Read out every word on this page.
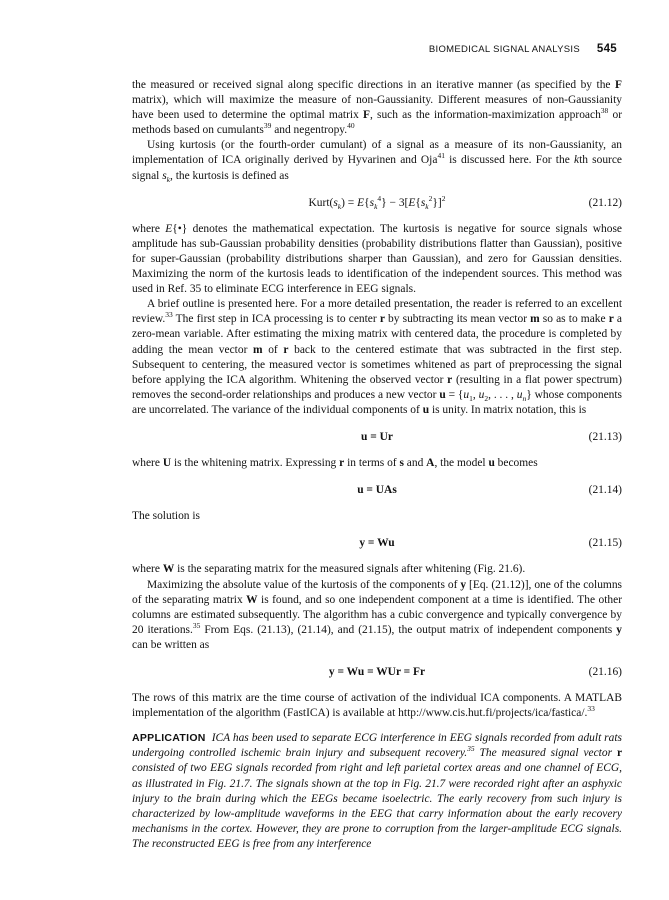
BIOMEDICAL SIGNAL ANALYSIS 545

the measured or received signal along specific directions in an iterative manner (as specified by the F matrix), which will maximize the measure of non-Gaussianity. Different measures of non-Gaussianity have been used to determine the optimal matrix F, such as the information-maximization approach$^{38}$ or methods based on cumulants$^{39}$ and negentropy.$^{40}$

Using kurtosis (or the fourth-order cumulant) of a signal as a measure of its non-Gaussianity, an implementation of ICA originally derived by Hyvarinen and Oja$^{41}$ is discussed here. For the kth source signal $s_k$, the kurtosis is defined as

$Kurt(s_k) = E\{s_k^4\} - 3[E\{s_k^2\}]^2$	(21.12)

where E{•} denotes the mathematical expectation. The kurtosis is negative for source signals whose amplitude has sub-Gaussian probability densities (probability distributions flatter than Gaussian), positive for super-Gaussian (probability distributions sharper than Gaussian), and zero for Gaussian densities. Maximizing the norm of the kurtosis leads to identification of the independent sources. This method was used in Ref. 35 to eliminate ECG interference in EEG signals.

A brief outline is presented here. For a more detailed presentation, the reader is referred to an excellent review.$^{33}$ The first step in ICA processing is to center r by subtracting its mean vector m so as to make r a zero-mean variable. After estimating the mixing matrix with centered data, the procedure is completed by adding the mean vector m of r back to the centered estimate that was subtracted in the first step. Subsequent to centering, the measured vector is sometimes whitened as part of preprocessing the signal before applying the ICA algorithm. Whitening the observed vector r (resulting in a flat power spectrum) removes the second-order relationships and produces a new vector $u = \{u_1$, $u_2$, . . . , $u_n$} whose components are uncorrelated. The variance of the individual components of u is unity. In matrix notation, this is

u = Ur	(21.13)

where U is the whitening matrix. Expressing r in terms of s and A, the model u becomes

u = UAs	(21.14)

The solution is

y = Wu	(21.15)

where W is the separating matrix for the measured signals after whitening (Fig. 21.6).

Maximizing the absolute value of the kurtosis of the components of y [Eq. (21.12)], one of the columns of the separating matrix W is found, and so one independent component at a time is identified. The other columns are estimated subsequently. The algorithm has a cubic convergence and typically convergence by 20 iterations.$^{35}$ From Eqs. (21.13), (21.14), and (21.15), the output matrix of independent components y can be written as

y = Wu = WUr = Fr	(21.16)

The rows of this matrix are the time course of activation of the individual ICA components. A MATLAB implementation of the algorithm (FastICA) is available at http://www.cis.hut.fi/projects/ica/fastica/.$^{33}$

APPLICATION ICA has been used to separate ECG interference in EEG signals recorded from adult rats undergoing controlled ischemic brain injury and subsequent recovery.$^{35}$ The measured signal vector r consisted of two EEG signals recorded from right and left parietal cortex areas and one channel of ECG, as illustrated in Fig. 21.7. The signals shown at the top in Fig. 21.7 were recorded right after an asphyxic injury to the brain during which the EEGs became isoelectric. The early recovery from such injury is characterized by low-amplitude waveforms in the EEG that carry information about the early recovery mechanisms in the cortex. However, they are prone to corruption from the larger-amplitude ECG signals. The reconstructed EEG is free from any interference
